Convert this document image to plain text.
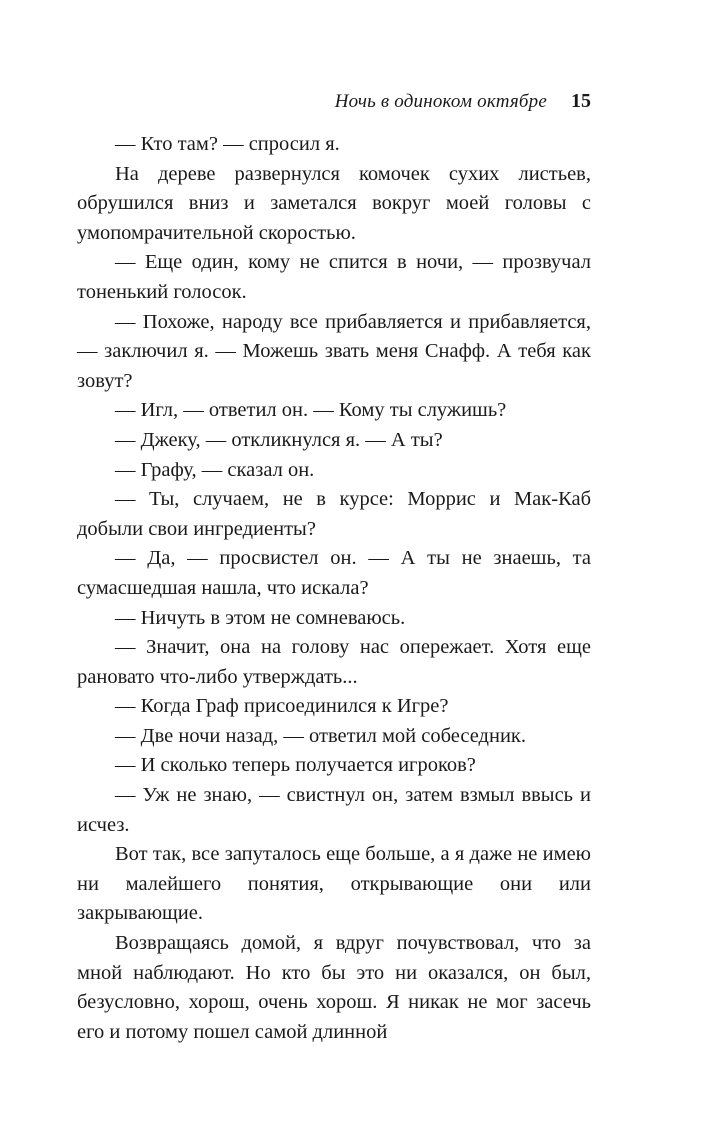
Ночь в одиноком октябре 15

— Кто там? — спросил я.

На дереве развернулся комочек сухих листьев, обрушился вниз и заметался вокруг моей головы с умопомрачительной скоростью.

— Еще один, кому не спится в ночи, — прозвучал тоненький голосок.

— Похоже, народу все прибавляется и прибавляется, — заключил я. — Можешь звать меня Снафф. А тебя как зовут?

— Игл, — ответил он. — Кому ты служишь?

— Джеку, — откликнулся я. — А ты?

— Графу, — сказал он.

— Ты, случаем, не в курсе: Моррис и Мак-Каб добыли свои ингредиенты?

— Да, — просвистел он. — А ты не знаешь, та сумасшедшая нашла, что искала?

— Ничуть в этом не сомневаюсь.

— Значит, она на голову нас опережает. Хотя еще рановато что-либо утверждать...

— Когда Граф присоединился к Игре?

— Две ночи назад, — ответил мой собеседник.

— И сколько теперь получается игроков?

— Уж не знаю, — свистнул он, затем взмыл ввысь и исчез.

Вот так, все запуталось еще больше, а я даже не имею ни малейшего понятия, открывающие они или закрывающие.

Возвращаясь домой, я вдруг почувствовал, что за мной наблюдают. Но кто бы это ни оказался, он был, безусловно, хорош, очень хорош. Я никак не мог засечь его и потому пошел самой длинной
